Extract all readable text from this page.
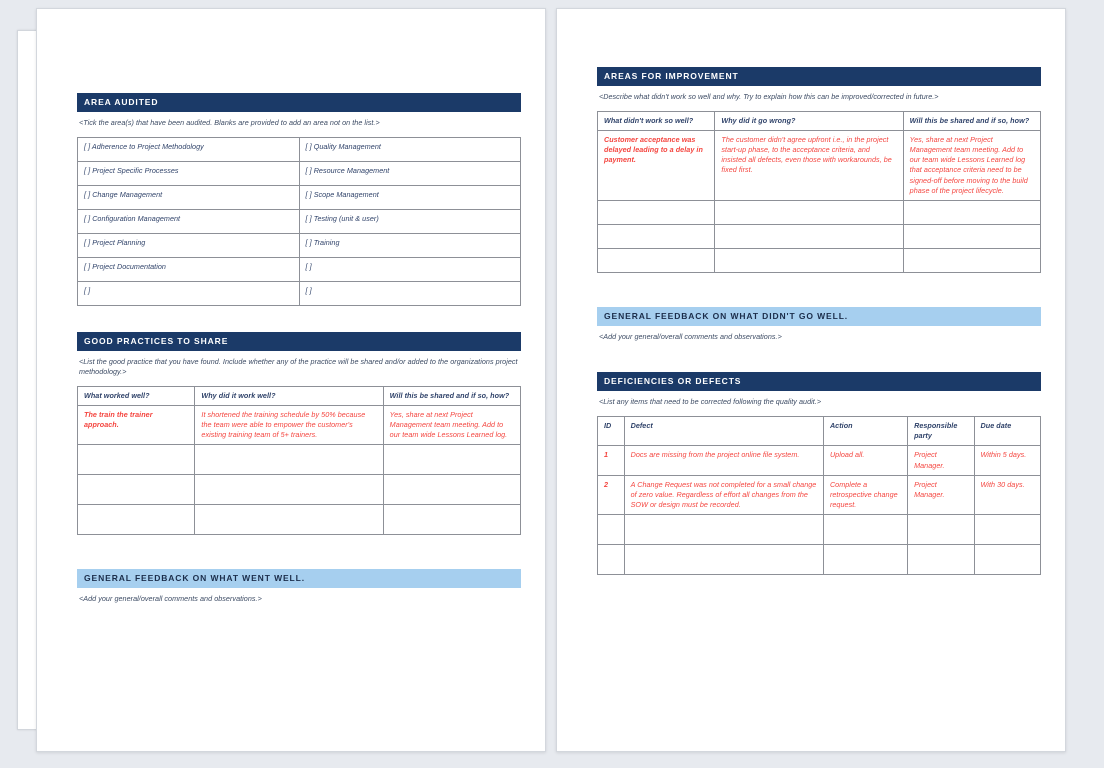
AREA AUDITED
<Tick the area(s) that have been audited. Blanks are provided to add an area not on the list.>
[ ] Adherence to Project Methodology	[ ] Quality Management
[ ] Project Specific Processes	[ ] Resource Management
[ ] Change Management	[ ] Scope Management
[ ] Configuration Management	[ ] Testing (unit & user)
[ ] Project Planning	[ ] Training
[ ] Project Documentation	[ ]
[ ]	[ ]
GOOD PRACTICES TO SHARE
<List the good practice that you have found. Include whether any of the practice will be shared and/or added to the organizations project methodology.>
What worked well?	Why did it work well?	Will this be shared and if so, how?
The train the trainer approach.	It shortened the training schedule by 50% because the team were able to empower the customer's existing training team of 5+ trainers.	Yes, share at next Project Management team meeting. Add to our team wide Lessons Learned log.

GENERAL FEEDBACK ON WHAT WENT WELL.
<Add your general/overall comments and observations.>
AREAS FOR IMPROVEMENT
<Describe what didn't work so well and why. Try to explain how this can be improved/corrected in future.>
What didn't work so well?	Why did it go wrong?	Will this be shared and if so, how?
Customer acceptance was delayed leading to a delay in payment.	The customer didn't agree upfront i.e., in the project start-up phase, to the acceptance criteria, and insisted all defects, even those with workarounds, be fixed first.	Yes, share at next Project Management team meeting. Add to our team wide Lessons Learned log that acceptance criteria need to be signed-off before moving to the build phase of the project lifecycle.

GENERAL FEEDBACK ON WHAT DIDN'T GO WELL.
<Add your general/overall comments and observations.>
DEFICIENCIES OR DEFECTS
<List any items that need to be corrected following the quality audit.>
ID	Defect	Action	Responsible party	Due date
1	Docs are missing from the project online file system.	Upload all.	Project Manager.	Within 5 days.
2	A Change Request was not completed for a small change of zero value. Regardless of effort all changes from the SOW or design must be recorded.	Complete a retrospective change request.	Project Manager.	With 30 days.
